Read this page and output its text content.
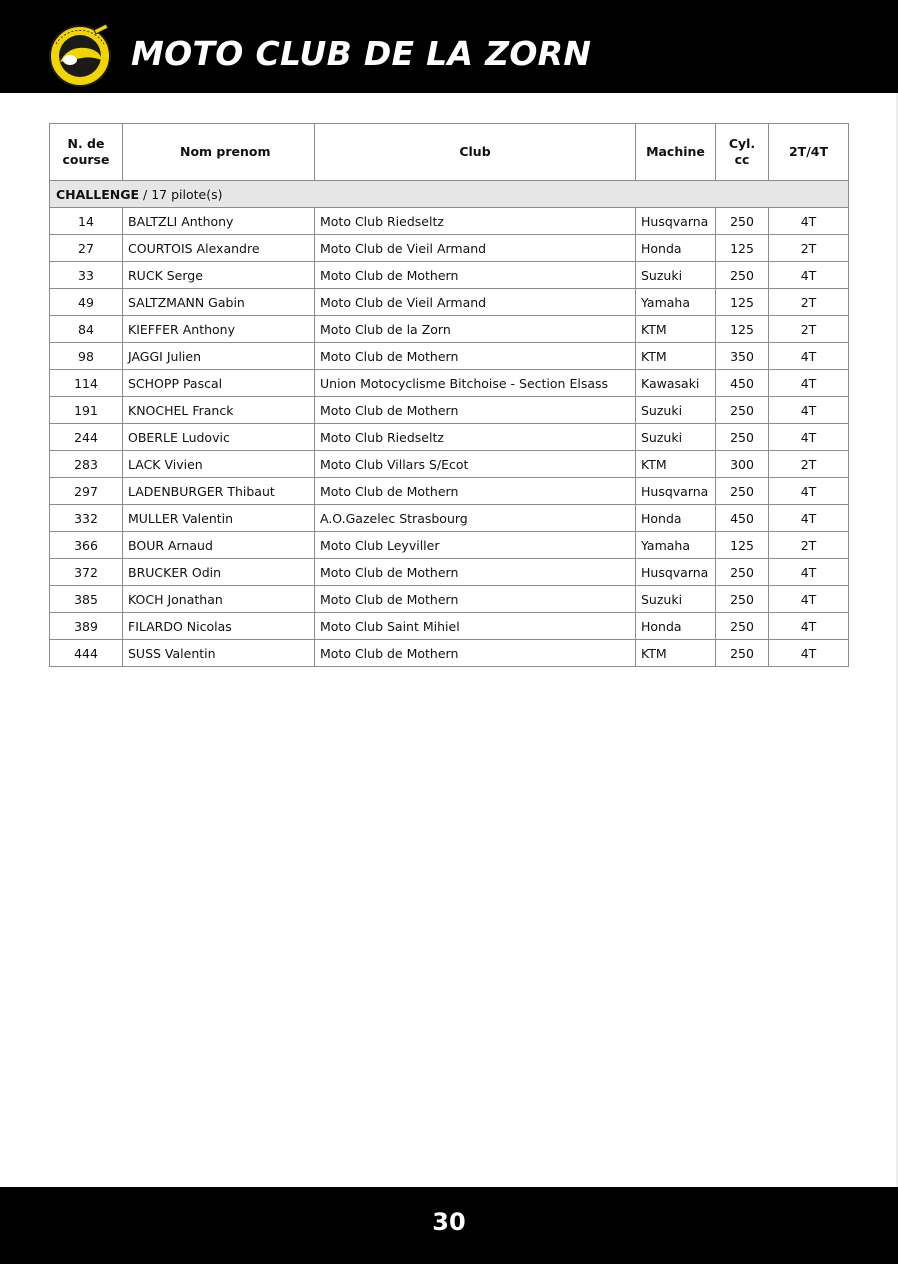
MOTO CLUB DE LA ZORN
N. de course	Nom prenom	Club	Machine	Cyl. cc	2T/4T
CHALLENGE / 17 pilote(s)					
14	BALTZLI Anthony	Moto Club Riedseltz	Husqvarna	250	4T
27	COURTOIS Alexandre	Moto Club de Vieil Armand	Honda	125	2T
33	RUCK Serge	Moto Club de Mothern	Suzuki	250	4T
49	SALTZMANN Gabin	Moto Club de Vieil Armand	Yamaha	125	2T
84	KIEFFER Anthony	Moto Club de la Zorn	KTM	125	2T
98	JAGGI Julien	Moto Club de Mothern	KTM	350	4T
114	SCHOPP Pascal	Union Motocyclisme Bitchoise - Section Elsass	Kawasaki	450	4T
191	KNOCHEL Franck	Moto Club de Mothern	Suzuki	250	4T
244	OBERLE Ludovic	Moto Club Riedseltz	Suzuki	250	4T
283	LACK Vivien	Moto Club Villars S/Ecot	KTM	300	2T
297	LADENBURGER Thibaut	Moto Club de Mothern	Husqvarna	250	4T
332	MULLER Valentin	A.O.Gazelec Strasbourg	Honda	450	4T
366	BOUR Arnaud	Moto Club Leyviller	Yamaha	125	2T
372	BRUCKER Odin	Moto Club de Mothern	Husqvarna	250	4T
385	KOCH Jonathan	Moto Club de Mothern	Suzuki	250	4T
389	FILARDO Nicolas	Moto Club Saint Mihiel	Honda	250	4T
444	SUSS Valentin	Moto Club de Mothern	KTM	250	4T
30
